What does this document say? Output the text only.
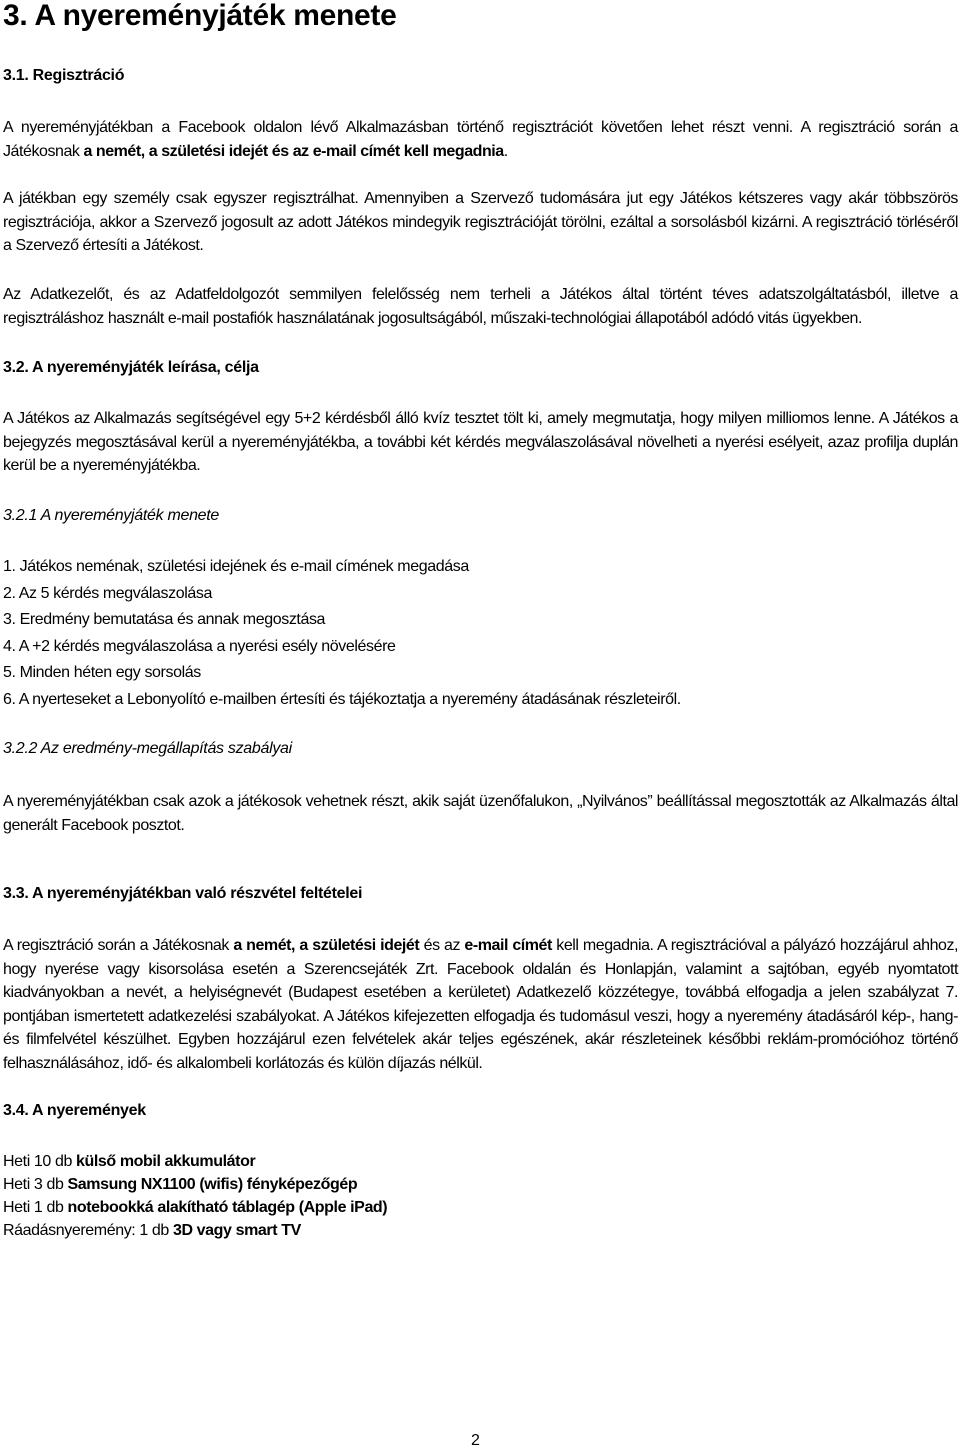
3. A nyereményjáték menete
3.1. Regisztráció
A nyereményjátékban a Facebook oldalon lévő Alkalmazásban történő regisztrációt követően lehet részt venni. A regisztráció során a Játékosnak a nemét, a születési idejét és az e-mail címét kell megadnia.
A játékban egy személy csak egyszer regisztrálhat. Amennyiben a Szervező tudomására jut egy Játékos kétszeres vagy akár többszörös regisztrációja, akkor a Szervező jogosult az adott Játékos mindegyik regisztrációját törölni, ezáltal a sorsolásból kizárni. A regisztráció törléséről a Szervező értesíti a Játékost.
Az Adatkezelőt, és az Adatfeldolgozót semmilyen felelősség nem terheli a Játékos által történt téves adatszolgáltatásból, illetve a regisztráláshoz használt e-mail postafiók használatának jogosultságából, műszaki-technológiai állapotából adódó vitás ügyekben.
3.2. A nyereményjáték leírása, célja
A Játékos az Alkalmazás segítségével egy 5+2 kérdésből álló kvíz tesztet tölt ki, amely megmutatja, hogy milyen milliomos lenne. A Játékos a bejegyzés megosztásával kerül a nyereményjátékba, a további két kérdés megválaszolásával növelheti a nyerési esélyeit, azaz profilja duplán kerül be a nyereményjátékba.
3.2.1 A nyereményjáték menete
1. Játékos neménak, születési idejének és e-mail címének megadása
2. Az 5 kérdés megválaszolása
3. Eredmény bemutatása és annak megosztása
4. A +2 kérdés megválaszolása a nyerési esély növelésére
5. Minden héten egy sorsolás
6. A nyerteseket a Lebonyolító e-mailben értesíti és tájékoztatja a nyeremény átadásának részleteiről.
3.2.2 Az eredmény-megállapítás szabályai
A nyereményjátékban csak azok a játékosok vehetnek részt, akik saját üzenőfalukon, „Nyilvános” beállítással megosztották az Alkalmazás által generált Facebook posztot.
3.3. A nyereményjátékban való részvétel feltételei
A regisztráció során a Játékosnak a nemét, a születési idejét és az e-mail címét kell megadnia. A regisztrációval a pályázó hozzájárul ahhoz, hogy nyerése vagy kisorsolása esetén a Szerencsejáték Zrt. Facebook oldalán és Honlapján, valamint a sajtóban, egyéb nyomtatott kiadványokban a nevét, a helyiségnevét (Budapest esetében a kerületet) Adatkezelő közzétegye, továbbá elfogadja a jelen szabályzat 7. pontjában ismertetett adatkezelési szabályokat. A Játékos kifejezetten elfogadja és tudomásul veszi, hogy a nyeremény átadásáról kép-, hang- és filmfelvétel készülhet. Egyben hozzájárul ezen felvételek akár teljes egészének, akár részleteinek későbbi reklám-promócióhoz történő felhasználásához, idő- és alkalombeli korlátozás és külön díjazás nélkül.
3.4. A nyeremények
Heti 10 db külső mobil akkumulátor
Heti 3 db Samsung NX1100 (wifis) fényképezőgép
Heti 1 db notebookká alakítható táblagép (Apple iPad)
Ráadásnyeremény: 1 db 3D vagy smart TV
2
